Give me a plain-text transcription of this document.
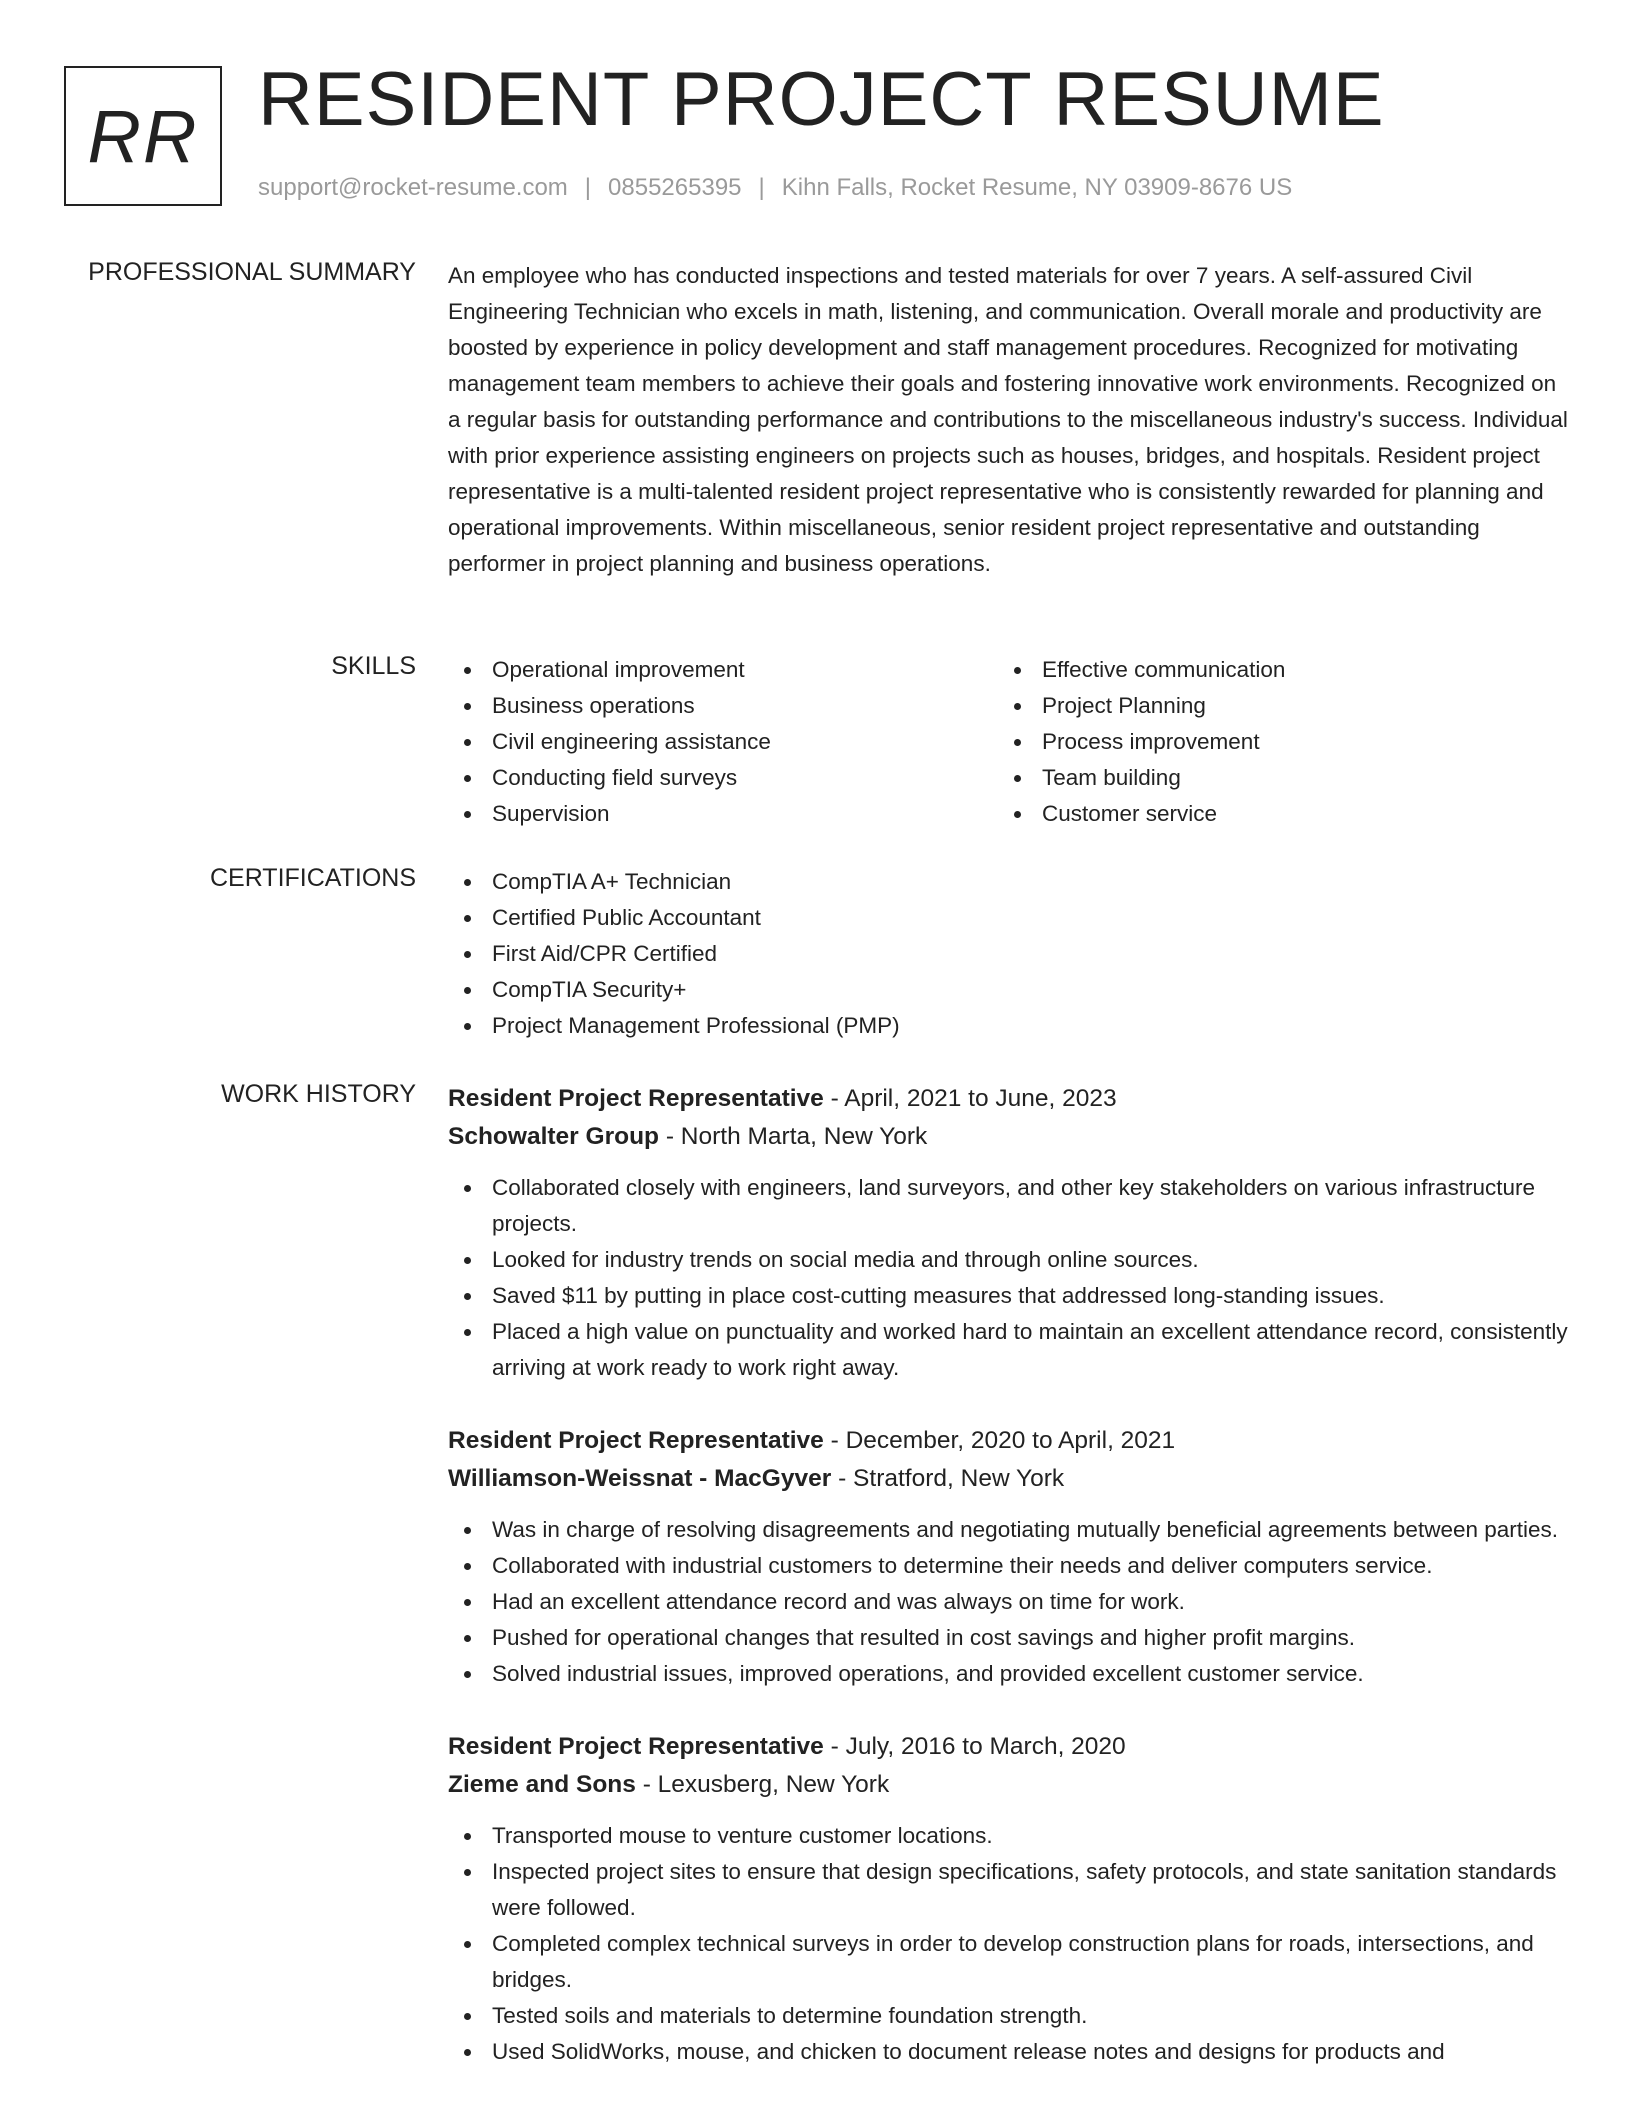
RR RESIDENT PROJECT RESUME
support@rocket-resume.com | 0855265395 | Kihn Falls, Rocket Resume, NY 03909-8676 US
PROFESSIONAL SUMMARY An employee who has conducted inspections and tested materials for over 7 years. A self-assured Civil Engineering Technician who excels in math, listening, and communication. Overall morale and productivity are boosted by experience in policy development and staff management procedures. Recognized for motivating management team members to achieve their goals and fostering innovative work environments. Recognized on a regular basis for outstanding performance and contributions to the miscellaneous industry's success. Individual with prior experience assisting engineers on projects such as houses, bridges, and hospitals. Resident project representative is a multi-talented resident project representative who is consistently rewarded for planning and operational improvements. Within miscellaneous, senior resident project representative and outstanding performer in project planning and business operations.

SKILLS	Operational improvement
Business operations
Civil engineering assistance
Conducting field surveys
Supervision
Effective communication
Project Planning
Process improvement
Team building
Customer service
CERTIFICATIONS	CompTIA A+ Technician
Certified Public Accountant
First Aid/CPR Certified
CompTIA Security+
Project Management Professional (PMP)
WORK HISTORY Resident Project Representative - April, 2021 to June, 2023
Schowalter Group - North Marta, New York
Collaborated closely with engineers, land surveyors, and other key stakeholders on various infrastructure projects.
Looked for industry trends on social media and through online sources.
Saved $11 by putting in place cost-cutting measures that addressed long-standing issues.
Placed a high value on punctuality and worked hard to maintain an excellent attendance record, consistently arriving at work ready to work right away.
Resident Project Representative - December, 2020 to April, 2021
Williamson-Weissnat - MacGyver - Stratford, New York
Was in charge of resolving disagreements and negotiating mutually beneficial agreements between parties.
Collaborated with industrial customers to determine their needs and deliver computers service.
Had an excellent attendance record and was always on time for work.
Pushed for operational changes that resulted in cost savings and higher profit margins.
Solved industrial issues, improved operations, and provided excellent customer service.
Resident Project Representative - July, 2016 to March, 2020
Zieme and Sons - Lexusberg, New York
Transported mouse to venture customer locations.
Inspected project sites to ensure that design specifications, safety protocols, and state sanitation standards were followed.
Completed complex technical surveys in order to develop construction plans for roads, intersections, and bridges.
Tested soils and materials to determine foundation strength.
Used SolidWorks, mouse, and chicken to document release notes and designs for products and
